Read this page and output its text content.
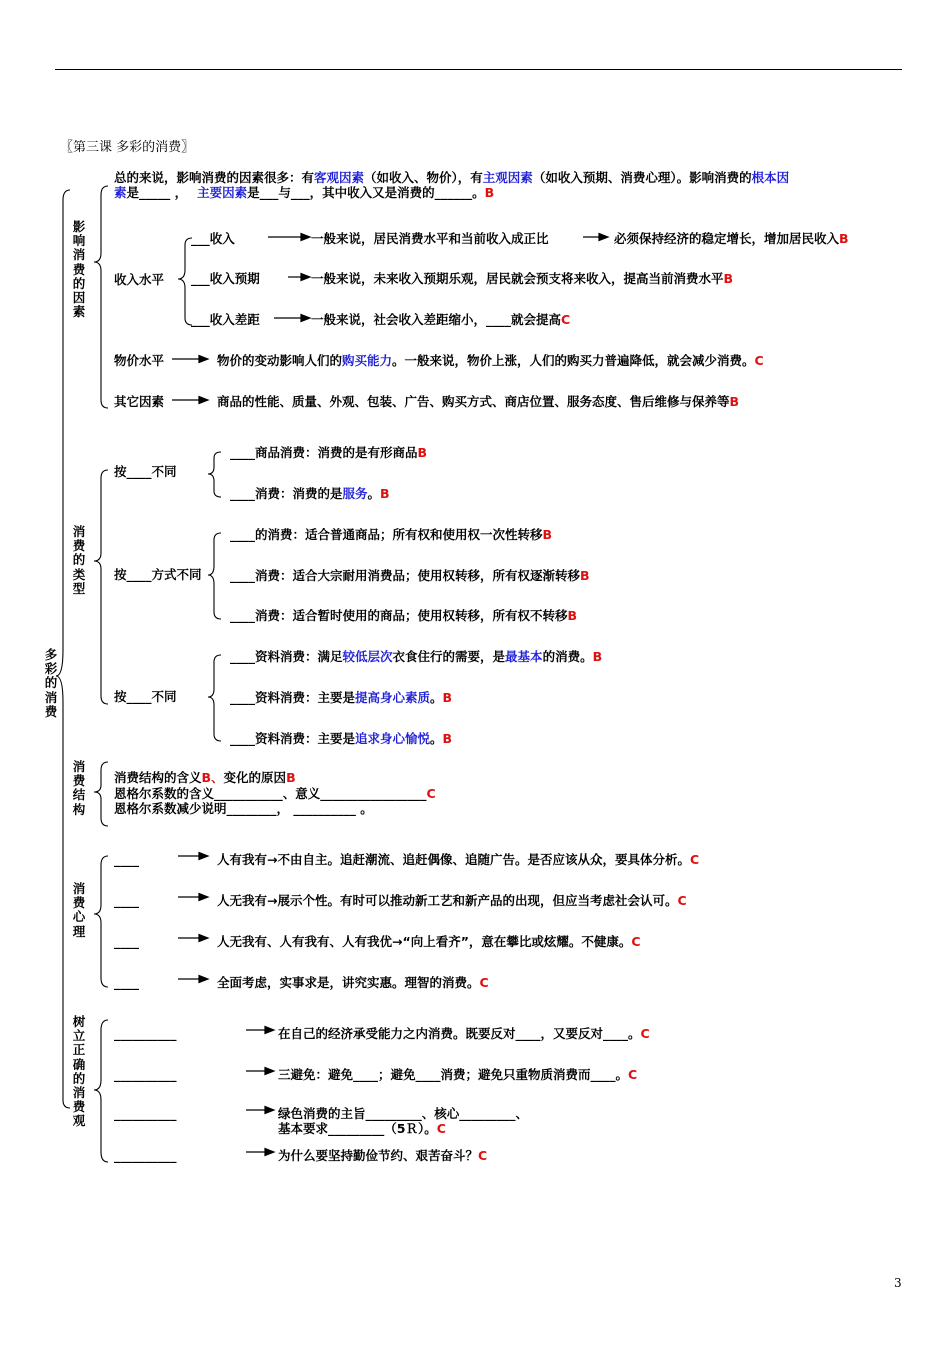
〖第三课 多彩的消费〗
多彩的消费
影响消费的因素
总的来说，影响消费的因素很多：有客观因素（如收入、物价），有主观因素（如收入预期、消费心理）。影响消费的根本因
素是_____ ， 主要因素是___与___，其中收入又是消费的______。B
收入水平
___收入	一般来说，居民消费水平和当前收入成正比	必须保持经济的稳定增长，增加居民收入B
___收入预期	一般来说，未来收入预期乐观，居民就会预支将来收入，提高当前消费水平B
___收入差距	一般来说，社会收入差距缩小，____就会提高C
物价水平	物价的变动影响人们的购买能力。一般来说，物价上涨，人们的购买力普遍降低，就会减少消费。C
其它因素	商品的性能、质量、外观、包装、广告、购买方式、商店位置、服务态度、售后维修与保养等B
消费的类型
按____不同
____商品消费：消费的是有形商品B
____消费：消费的是服务。B
按____方式不同
____的消费：适合普通商品；所有权和使用权一次性转移B
____消费：适合大宗耐用消费品；使用权转移，所有权逐渐转移B
____消费：适合暂时使用的商品；使用权转移，所有权不转移B
按____不同
____资料消费：满足较低层次衣食住行的需要，是最基本的消费。B
____资料消费：主要是提高身心素质。B
____资料消费：主要是追求身心愉悦。B
消费结构
消费结构的含义B、变化的原因B
恩格尔系数的含义___________、意义_________________C
恩格尔系数减少说明________， __________ 。
消费心理
____	人有我有→不由自主。追赶潮流、追赶偶像、追随广告。是否应该从众，要具体分析。C
____	人无我有→展示个性。有时可以推动新工艺和新产品的出现，但应当考虑社会认可。C
____	人无我有、人有我有、人有我优→“向上看齐”，意在攀比或炫耀。不健康。C
____	全面考虑，实事求是，讲究实惠。理智的消费。C
树立正确的消费观
__________	在自己的经济承受能力之内消费。既要反对____，又要反对____。C
__________	三避免：避免____；避免____消费；避免只重物质消费而____。C
__________	绿色消费的主旨_________、核心_________、
基本要求_________（5Ｒ）。C
__________	为什么要坚持勤俭节约、艰苦奋斗？C
3
